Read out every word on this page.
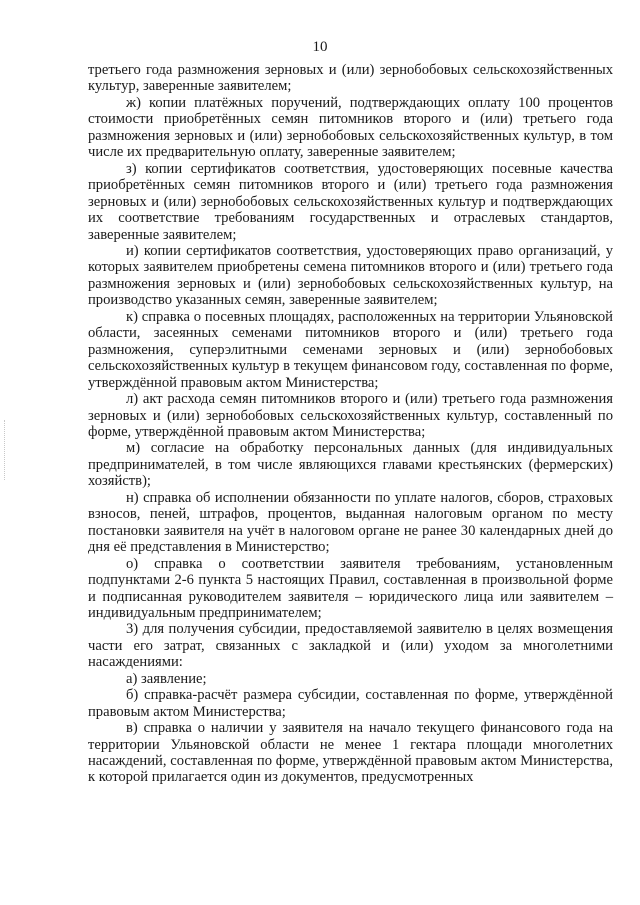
10

третьего года размножения зерновых и (или) зернобобовых сельскохозяйственных культур, заверенные заявителем;

ж) копии платёжных поручений, подтверждающих оплату 100 процентов стоимости приобретённых семян питомников второго и (или) третьего года размножения зерновых и (или) зернобобовых сельскохозяйственных культур, в том числе их предварительную оплату, заверенные заявителем;

з) копии сертификатов соответствия, удостоверяющих посевные качества приобретённых семян питомников второго и (или) третьего года размножения зерновых и (или) зернобобовых сельскохозяйственных культур и подтверждающих их соответствие требованиям государственных и отраслевых стандартов, заверенные заявителем;

и) копии сертификатов соответствия, удостоверяющих право организаций, у которых заявителем приобретены семена питомников второго и (или) третьего года размножения зерновых и (или) зернобобовых сельскохозяйственных культур, на производство указанных семян, заверенные заявителем;

к) справка о посевных площадях, расположенных на территории Ульяновской области, засеянных семенами питомников второго и (или) третьего года размножения, суперэлитными семенами зерновых и (или) зернобобовых сельскохозяйственных культур в текущем финансовом году, составленная по форме, утверждённой правовым актом Министерства;

л) акт расхода семян питомников второго и (или) третьего года размножения зерновых и (или) зернобобовых сельскохозяйственных культур, составленный по форме, утверждённой правовым актом Министерства;

м) согласие на обработку персональных данных (для индивидуальных предпринимателей, в том числе являющихся главами крестьянских (фермерских) хозяйств);

н) справка об исполнении обязанности по уплате налогов, сборов, страховых взносов, пеней, штрафов, процентов, выданная налоговым органом по месту постановки заявителя на учёт в налоговом органе не ранее 30 календарных дней до дня её представления в Министерство;

о) справка о соответствии заявителя требованиям, установленным подпунктами 2-6 пункта 5 настоящих Правил, составленная в произвольной форме и подписанная руководителем заявителя – юридического лица или заявителем – индивидуальным предпринимателем;

3) для получения субсидии, предоставляемой заявителю в целях возмещения части его затрат, связанных с закладкой и (или) уходом за многолетними насаждениями:

а) заявление;

б) справка-расчёт размера субсидии, составленная по форме, утверждённой правовым актом Министерства;

в) справка о наличии у заявителя на начало текущего финансового года на территории Ульяновской области не менее 1 гектара площади многолетних насаждений, составленная по форме, утверждённой правовым актом Министерства, к которой прилагается один из документов, предусмотренных
